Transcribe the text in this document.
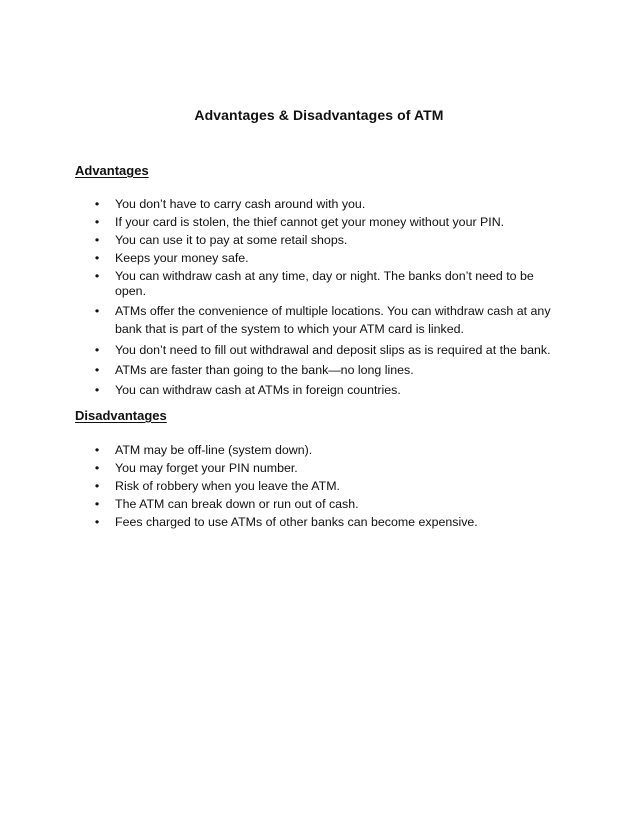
Advantages & Disadvantages of ATM
Advantages
•	You don’t have to carry cash around with you.
•	If your card is stolen, the thief cannot get your money without your PIN.
•	You can use it to pay at some retail shops.
•	Keeps your money safe.
•	You can withdraw cash at any time, day or night. The banks don’t need to be open.
•	ATMs offer the convenience of multiple locations. You can withdraw cash at any bank that is part of the system to which your ATM card is linked.
•	You don’t need to fill out withdrawal and deposit slips as is required at the bank.
•	ATMs are faster than going to the bank—no long lines.
•	You can withdraw cash at ATMs in foreign countries.
Disadvantages
•	ATM may be off-line (system down).
•	You may forget your PIN number.
•	Risk of robbery when you leave the ATM.
•	The ATM can break down or run out of cash.
•	Fees charged to use ATMs of other banks can become expensive.
